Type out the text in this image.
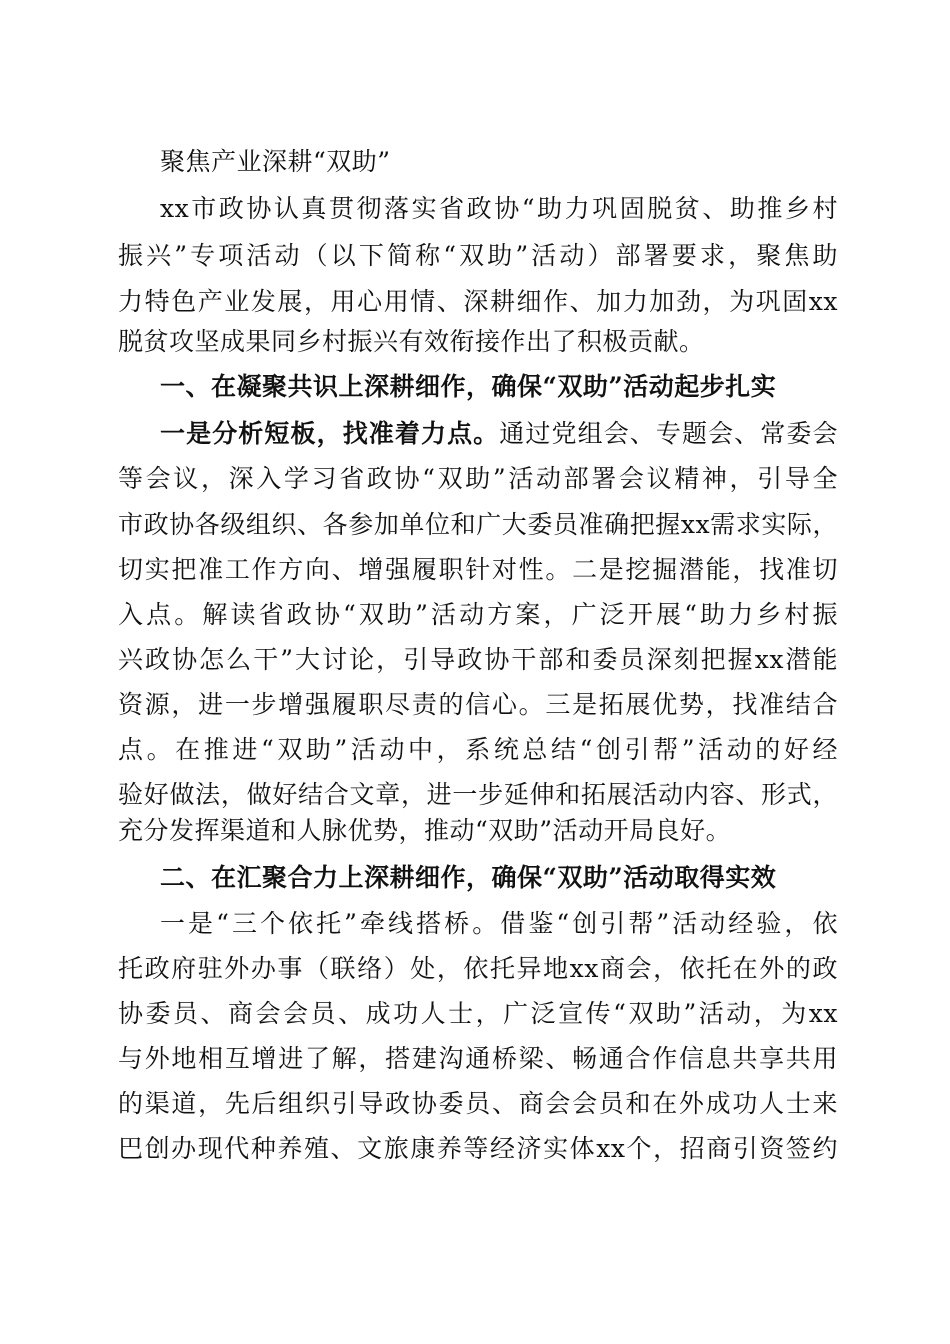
聚焦产业深耕“双助”
xx市政协认真贯彻落实省政协“助力巩固脱贫、助推乡村
振兴”专项活动（以下简称“双助”活动）部署要求，聚焦助
力特色产业发展，用心用情、深耕细作、加力加劲，为巩固xx
脱贫攻坚成果同乡村振兴有效衔接作出了积极贡献。
一、在凝聚共识上深耕细作，确保“双助”活动起步扎实
一是分析短板，找准着力点。通过党组会、专题会、常委会
等会议，深入学习省政协“双助”活动部署会议精神，引导全
市政协各级组织、各参加单位和广大委员准确把握xx需求实际，
切实把准工作方向、增强履职针对性。二是挖掘潜能，找准切
入点。解读省政协“双助”活动方案，广泛开展“助力乡村振
兴政协怎么干”大讨论，引导政协干部和委员深刻把握xx潜能
资源，进一步增强履职尽责的信心。三是拓展优势，找准结合
点。在推进“双助”活动中，系统总结“创引帮”活动的好经
验好做法，做好结合文章，进一步延伸和拓展活动内容、形式，
充分发挥渠道和人脉优势，推动“双助”活动开局良好。
二、在汇聚合力上深耕细作，确保“双助”活动取得实效
一是“三个依托”牵线搭桥。借鉴“创引帮”活动经验，依
托政府驻外办事（联络）处，依托异地xx商会，依托在外的政
协委员、商会会员、成功人士，广泛宣传“双助”活动，为xx
与外地相互增进了解，搭建沟通桥梁、畅通合作信息共享共用
的渠道，先后组织引导政协委员、商会会员和在外成功人士来
巴创办现代种养殖、文旅康养等经济实体xx个，招商引资签约
